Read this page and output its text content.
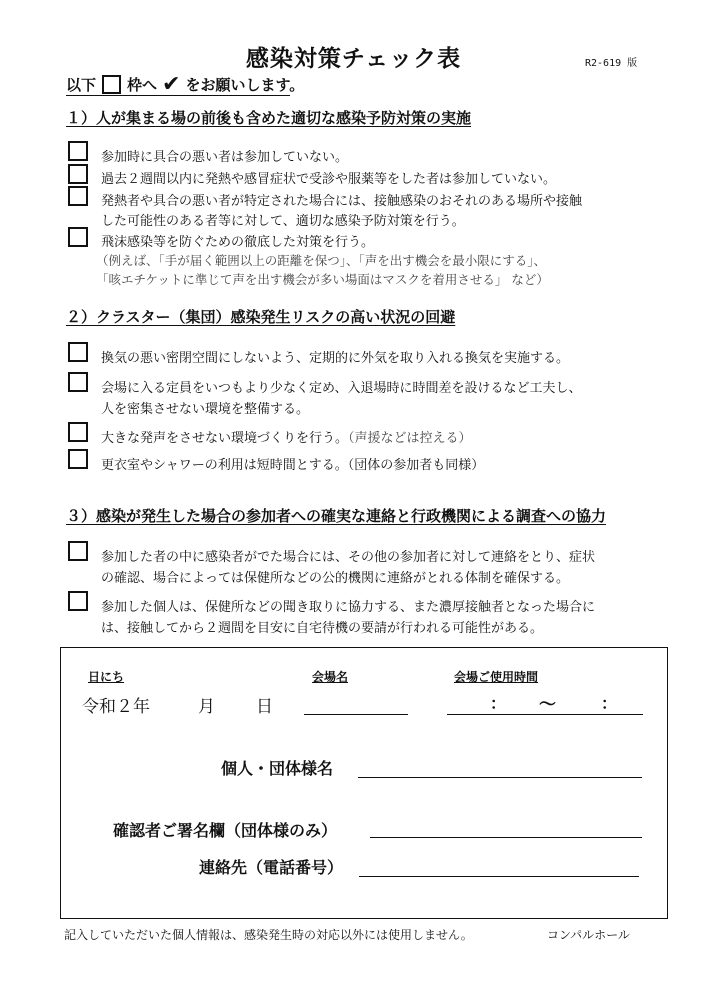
感染対策チェック表	R2-619 版
以下 枠へ ✔ をお願いします。
１）人が集まる場の前後も含めた適切な感染予防対策の実施
参加時に具合の悪い者は参加していない。
過去２週間以内に発熱や感冒症状で受診や服薬等をした者は参加していない。
発熱者や具合の悪い者が特定された場合には、接触感染のおそれのある場所や接触
した可能性のある者等に対して、適切な感染予防対策を行う。
飛沫感染等を防ぐための徹底した対策を行う。
（例えば、「手が届く範囲以上の距離を保つ」、「声を出す機会を最小限にする」、
「咳エチケットに準じて声を出す機会が多い場面はマスクを着用させる」 など）
２）クラスター（集団）感染発生リスクの高い状況の回避
換気の悪い密閉空間にしないよう、定期的に外気を取り入れる換気を実施する。
会場に入る定員をいつもより少なく定め、入退場時に時間差を設けるなど工夫し、
人を密集させない環境を整備する。
大きな発声をさせない環境づくりを行う。（声援などは控える）
更衣室やシャワーの利用は短時間とする。（団体の参加者も同様）
３）感染が発生した場合の参加者への確実な連絡と行政機関による調査への協力
参加した者の中に感染者がでた場合には、その他の参加者に対して連絡をとり、症状
の確認、場合によっては保健所などの公的機関に連絡がとれる体制を確保する。
参加した個人は、保健所などの聞き取りに協力する、また濃厚接触者となった場合に
は、接触してから２週間を目安に自宅待機の要請が行われる可能性がある。
日にち	会場名	会場ご使用時間
令和２年	月 日	： 〜	：
個人・団体様名
確認者ご署名欄（団体様のみ）
連絡先（電話番号）
記入していただいた個人情報は、感染発生時の対応以外には使用しません。	コンパルホール
